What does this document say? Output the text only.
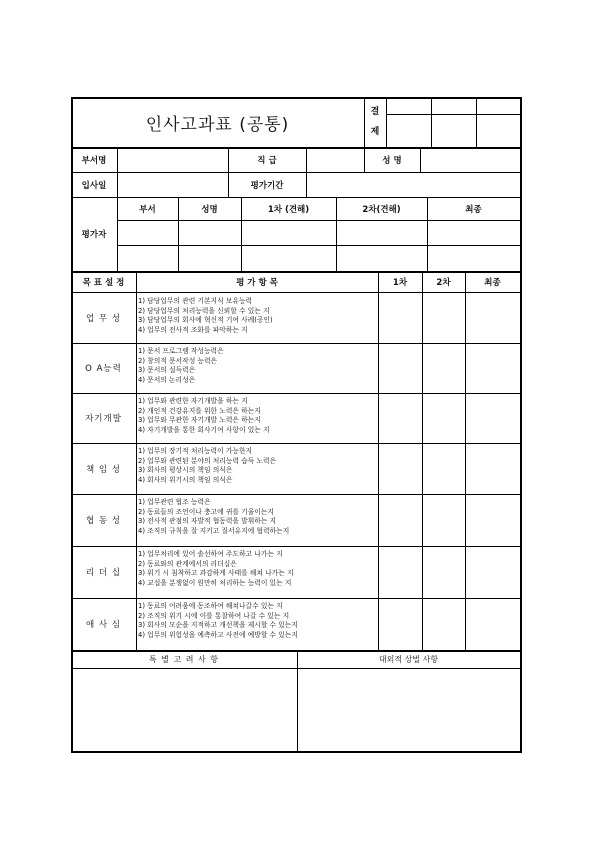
인사고과표 (공통)
결
제
부서명	직 급	성 명
입사일	평가기간
평가자
부서	성명	1차 (견해)	2차(견해)	최종
목 표 설 정	평 가 항 목	1차	2차	최종
업 무 성
1) 담당업무의 관련 기본지식 보유능력
2) 담당업무의 처리능력을 신뢰할 수 있는 지
3) 담당업무의 회사에 혁신적 기여 사례(공인)
4) 업무의 전사적 조화를 파악하는 지
O A능력
1) 문서 프로그램 작성능력은
2) 창의적 문서작성 능력은
3) 문서의 설득력은
4) 문서의 논리성은
자기개발
1) 업무와 관련한 자기개발을 하는 지
2) 개인적 건강유지를 위한 노력은 하는지
3) 업무와 무관한 자기개발 노력은 하는지
4) 자기개발을 통한 회사기여 사항이 있는 지
책 임 성
1) 업무의 장기적 처리능력이 가능한지
2) 업무와 관련된 분야의 처리능력 습득 노력은
3) 회사의 평상시의 책임 의식은
4) 회사의 위기시의 책임 의식은
협 동 성
1) 업무관련 협조 능력은
2) 동료들의 조언이나 충고에 귀를 기울이는지
3) 전사적 관점의 자발적 협동력을 발휘하는 지
4) 조직의 규칙을 잘 지키고 질서유지에 협력하는지
리 더 십
1) 업무처리에 있어 솔선하여 주도하고 나가는 지
2) 동료와의 관계에서의 리더십은
3) 위기 시 침착하고 과감하게 사태를 해쳐 나가는 지
4) 교섭을 분쟁없이 원만히 처리하는 능력이 있는 지
애 사 심
1) 동료의 어려움에 동조하여 해쳐나갈수 있는 지
2) 조직의 위기 시에 이를 통찰하여 나갈 수 있는 지
3) 회사의 모순을 지적하고 개선책을 제시할 수 있는지
4) 업무의 위험성을 예측하고 사전에 예방할 수 있는지
특 별 고 려 사 항	대외적 상벌 사항
